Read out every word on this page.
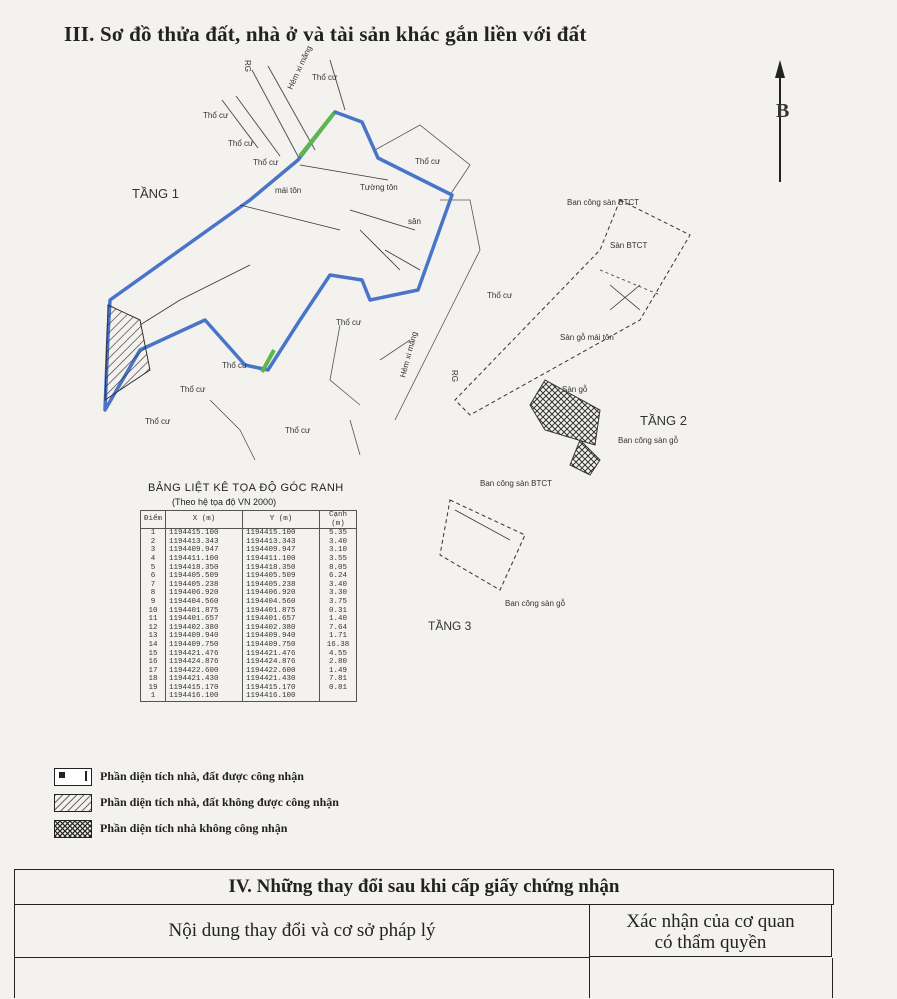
III. Sơ đồ thửa đất, nhà ở và tài sản khác gắn liền với đất
B
TẦNG 1
TẦNG 2
TẦNG 3
Thổ cư
Thổ cư
Thổ cư
Thổ cư	Thổ cư
Thổ cư
Thổ cư
Thổ cư
Thổ cư
Thổ cư
Thổ cư
mái tôn	Tường tôn
sân
Sàn gỗ mái tôn
Sàn BTCT
Ban công sàn BTCT
Sàn gỗ
Ban công sàn gỗ
Ban công sàn BTCT
Ban công sàn gỗ
Hẻm xi măng
Hẻm xi măng
RG
RG
BẢNG LIỆT KÊ TỌA ĐỘ GÓC RANH
(Theo hệ tọa độ VN 2000)
Điểm	X (m)	Y (m)	Cạnh (m)
1	1194415.100	1194415.100	5.35
2	1194413.343	1194413.343	3.40
3	1194409.947	1194409.947	3.10
4	1194411.100	1194411.100	3.55
5	1194418.350	1194418.350	8.05
6	1194405.509	1194405.509	6.24
7	1194405.238	1194405.238	3.40
8	1194406.920	1194406.920	3.30
9	1194404.560	1194404.560	3.75
10	1194401.875	1194401.875	0.31
11	1194401.657	1194401.657	1.40
12	1194402.380	1194402.380	7.64
13	1194409.940	1194409.940	1.71
14	1194409.750	1194409.750	16.38
15	1194421.476	1194421.476	4.55
16	1194424.876	1194424.876	2.80
17	1194422.600	1194422.600	1.49
18	1194421.430	1194421.430	7.81
19	1194415.170	1194415.170	0.81
1	1194416.100	1194416.100	
Phần diện tích nhà, đất được công nhận
Phần diện tích nhà, đất không được công nhận
Phần diện tích nhà không công nhận
IV. Những thay đổi sau khi cấp giấy chứng nhận
Nội dung thay đổi và cơ sở pháp lý	Xác nhận của cơ quan
có thẩm quyền
